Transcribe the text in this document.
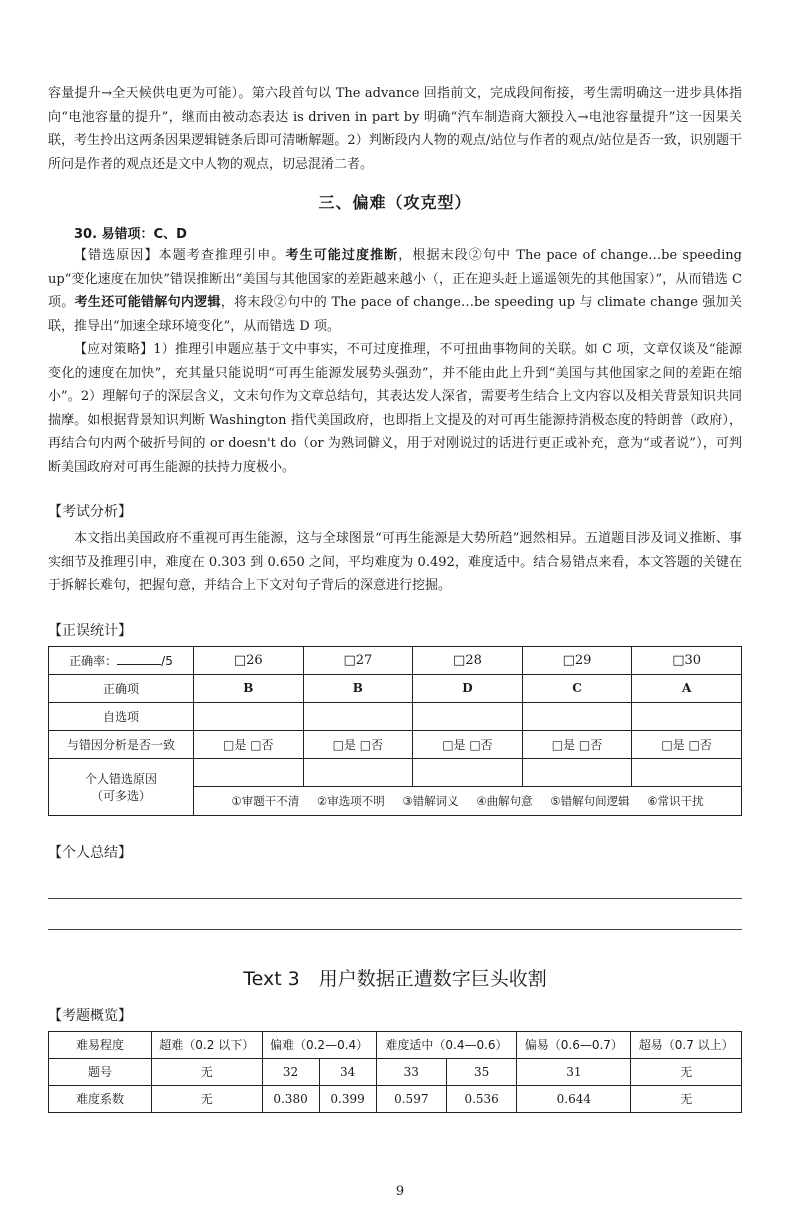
容量提升→全天候供电更为可能）。第六段首句以 The advance 回指前文，完成段间衔接，考生需明确这一进步具体指向“电池容量的提升”，继而由被动态表达 is driven in part by 明确“汽车制造商大额投入→电池容量提升”这一因果关联，考生拎出这两条因果逻辑链条后即可清晰解题。2）判断段内人物的观点/站位与作者的观点/站位是否一致，识别题干所问是作者的观点还是文中人物的观点，切忌混淆二者。

三、偏难（攻克型）
30. 易错项：C、D

【错选原因】本题考查推理引申。考生可能过度推断，根据末段②句中 The pace of change…be speeding up“变化速度在加快”错误推断出“美国与其他国家的差距越来越小（，正在迎头赶上遥遥领先的其他国家）”，从而错选 C 项。考生还可能错解句内逻辑，将末段②句中的 The pace of change…be speeding up 与 climate change 强加关联，推导出“加速全球环境变化”，从而错选 D 项。

【应对策略】1）推理引申题应基于文中事实，不可过度推理，不可扭曲事物间的关联。如 C 项，文章仅谈及“能源变化的速度在加快”，充其量只能说明“可再生能源发展势头强劲”，并不能由此上升到“美国与其他国家之间的差距在缩小”。2）理解句子的深层含义，文末句作为文章总结句，其表达发人深省，需要考生结合上文内容以及相关背景知识共同揣摩。如根据背景知识判断 Washington 指代美国政府，也即指上文提及的对可再生能源持消极态度的特朗普（政府），再结合句内两个破折号间的 or doesn't do（or 为熟词僻义，用于对刚说过的话进行更正或补充，意为“或者说”），可判断美国政府对可再生能源的扶持力度极小。

【考试分析】

本文指出美国政府不重视可再生能源，这与全球图景“可再生能源是大势所趋”迥然相异。五道题目涉及词义推断、事实细节及推理引申，难度在 0.303 到 0.650 之间，平均难度为 0.492，难度适中。结合易错点来看，本文答题的关键在于拆解长难句，把握句意，并结合上下文对句子背后的深意进行挖掘。

【正误统计】
正确率： /5	□26	□27	□28	□29	□30
正确项	B	B	D	C	A
自选项					
与错因分析是否一致	□是 □否	□是 □否	□是 □否	□是 □否	□是 □否

个人错选原因
（可多选）					

	①审题干不清 ②审选项不明 ③错解词义 ④曲解句意 ⑤错解句间逻辑 ⑥常识干扰				
【个人总结】
Text 3　用户数据正遭数字巨头收割
【考题概览】
难易程度	超难（0.2 以下）	偏难（0.2—0.4）		难度适中（0.4—0.6）		偏易（0.6—0.7）	超易（0.7 以上）
题号	无	32	34	33	35	31	无
难度系数	无	0.380	0.399	0.597	0.536	0.644	无
9
